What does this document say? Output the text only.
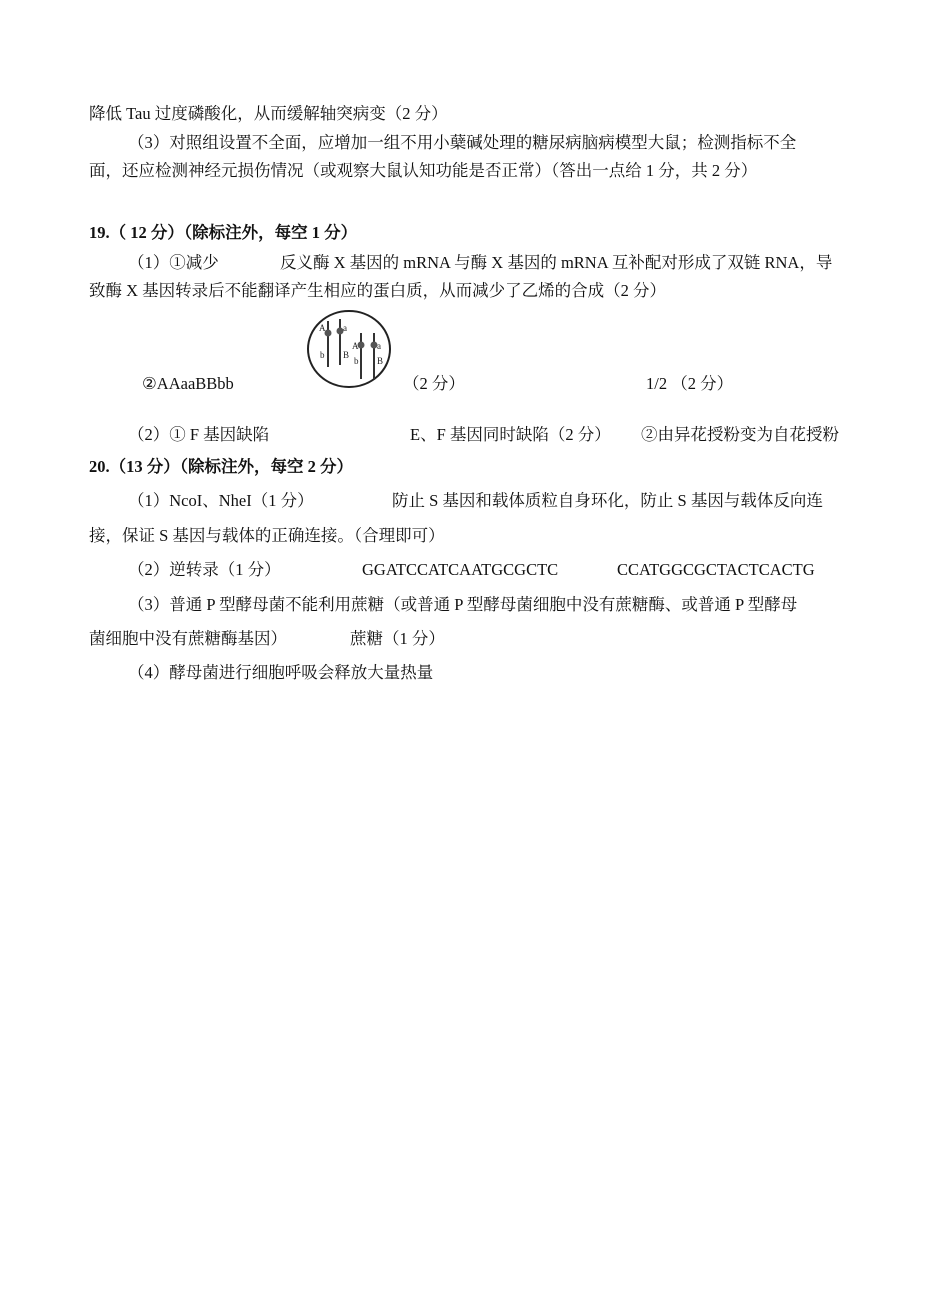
降低 Tau 过度磷酸化，从而缓解轴突病变（2 分）
（3）对照组设置不全面，应增加一组不用小蘖碱处理的糖尿病脑病模型大鼠；检测指标不全
面，还应检测神经元损伤情况（或观察大鼠认知功能是否正常）（答出一点给 1 分，共 2 分）
19.（ 12 分）（除标注外，每空 1 分）
（1）①减少	反义酶 X 基因的 mRNA 与酶 X 基因的 mRNA 互补配对形成了双链 RNA，导
致酶 X 基因转录后不能翻译产生相应的蛋白质，从而减少了乙烯的合成（2 分）
A a
b B
A a
b B
②AAaaBBbb	（2 分）	1/2 （2 分）
（2）① F 基因缺陷	E、F 基因同时缺陷（2 分） ②由异花授粉变为自花授粉
20.（13 分）（除标注外，每空 2 分）
（1）NcoI、NheI（1 分）	防止 S 基因和载体质粒自身环化，防止 S 基因与载体反向连
接，保证 S 基因与载体的正确连接。（合理即可）
（2）逆转录（1 分）	GGATCCATCAATGCGCTC	CCATGGCGCTACTCACTG
（3）普通 P 型酵母菌不能利用蔗糖（或普通 P 型酵母菌细胞中没有蔗糖酶、或普通 P 型酵母
菌细胞中没有蔗糖酶基因）	蔗糖（1 分）
（4）酵母菌进行细胞呼吸会释放大量热量
